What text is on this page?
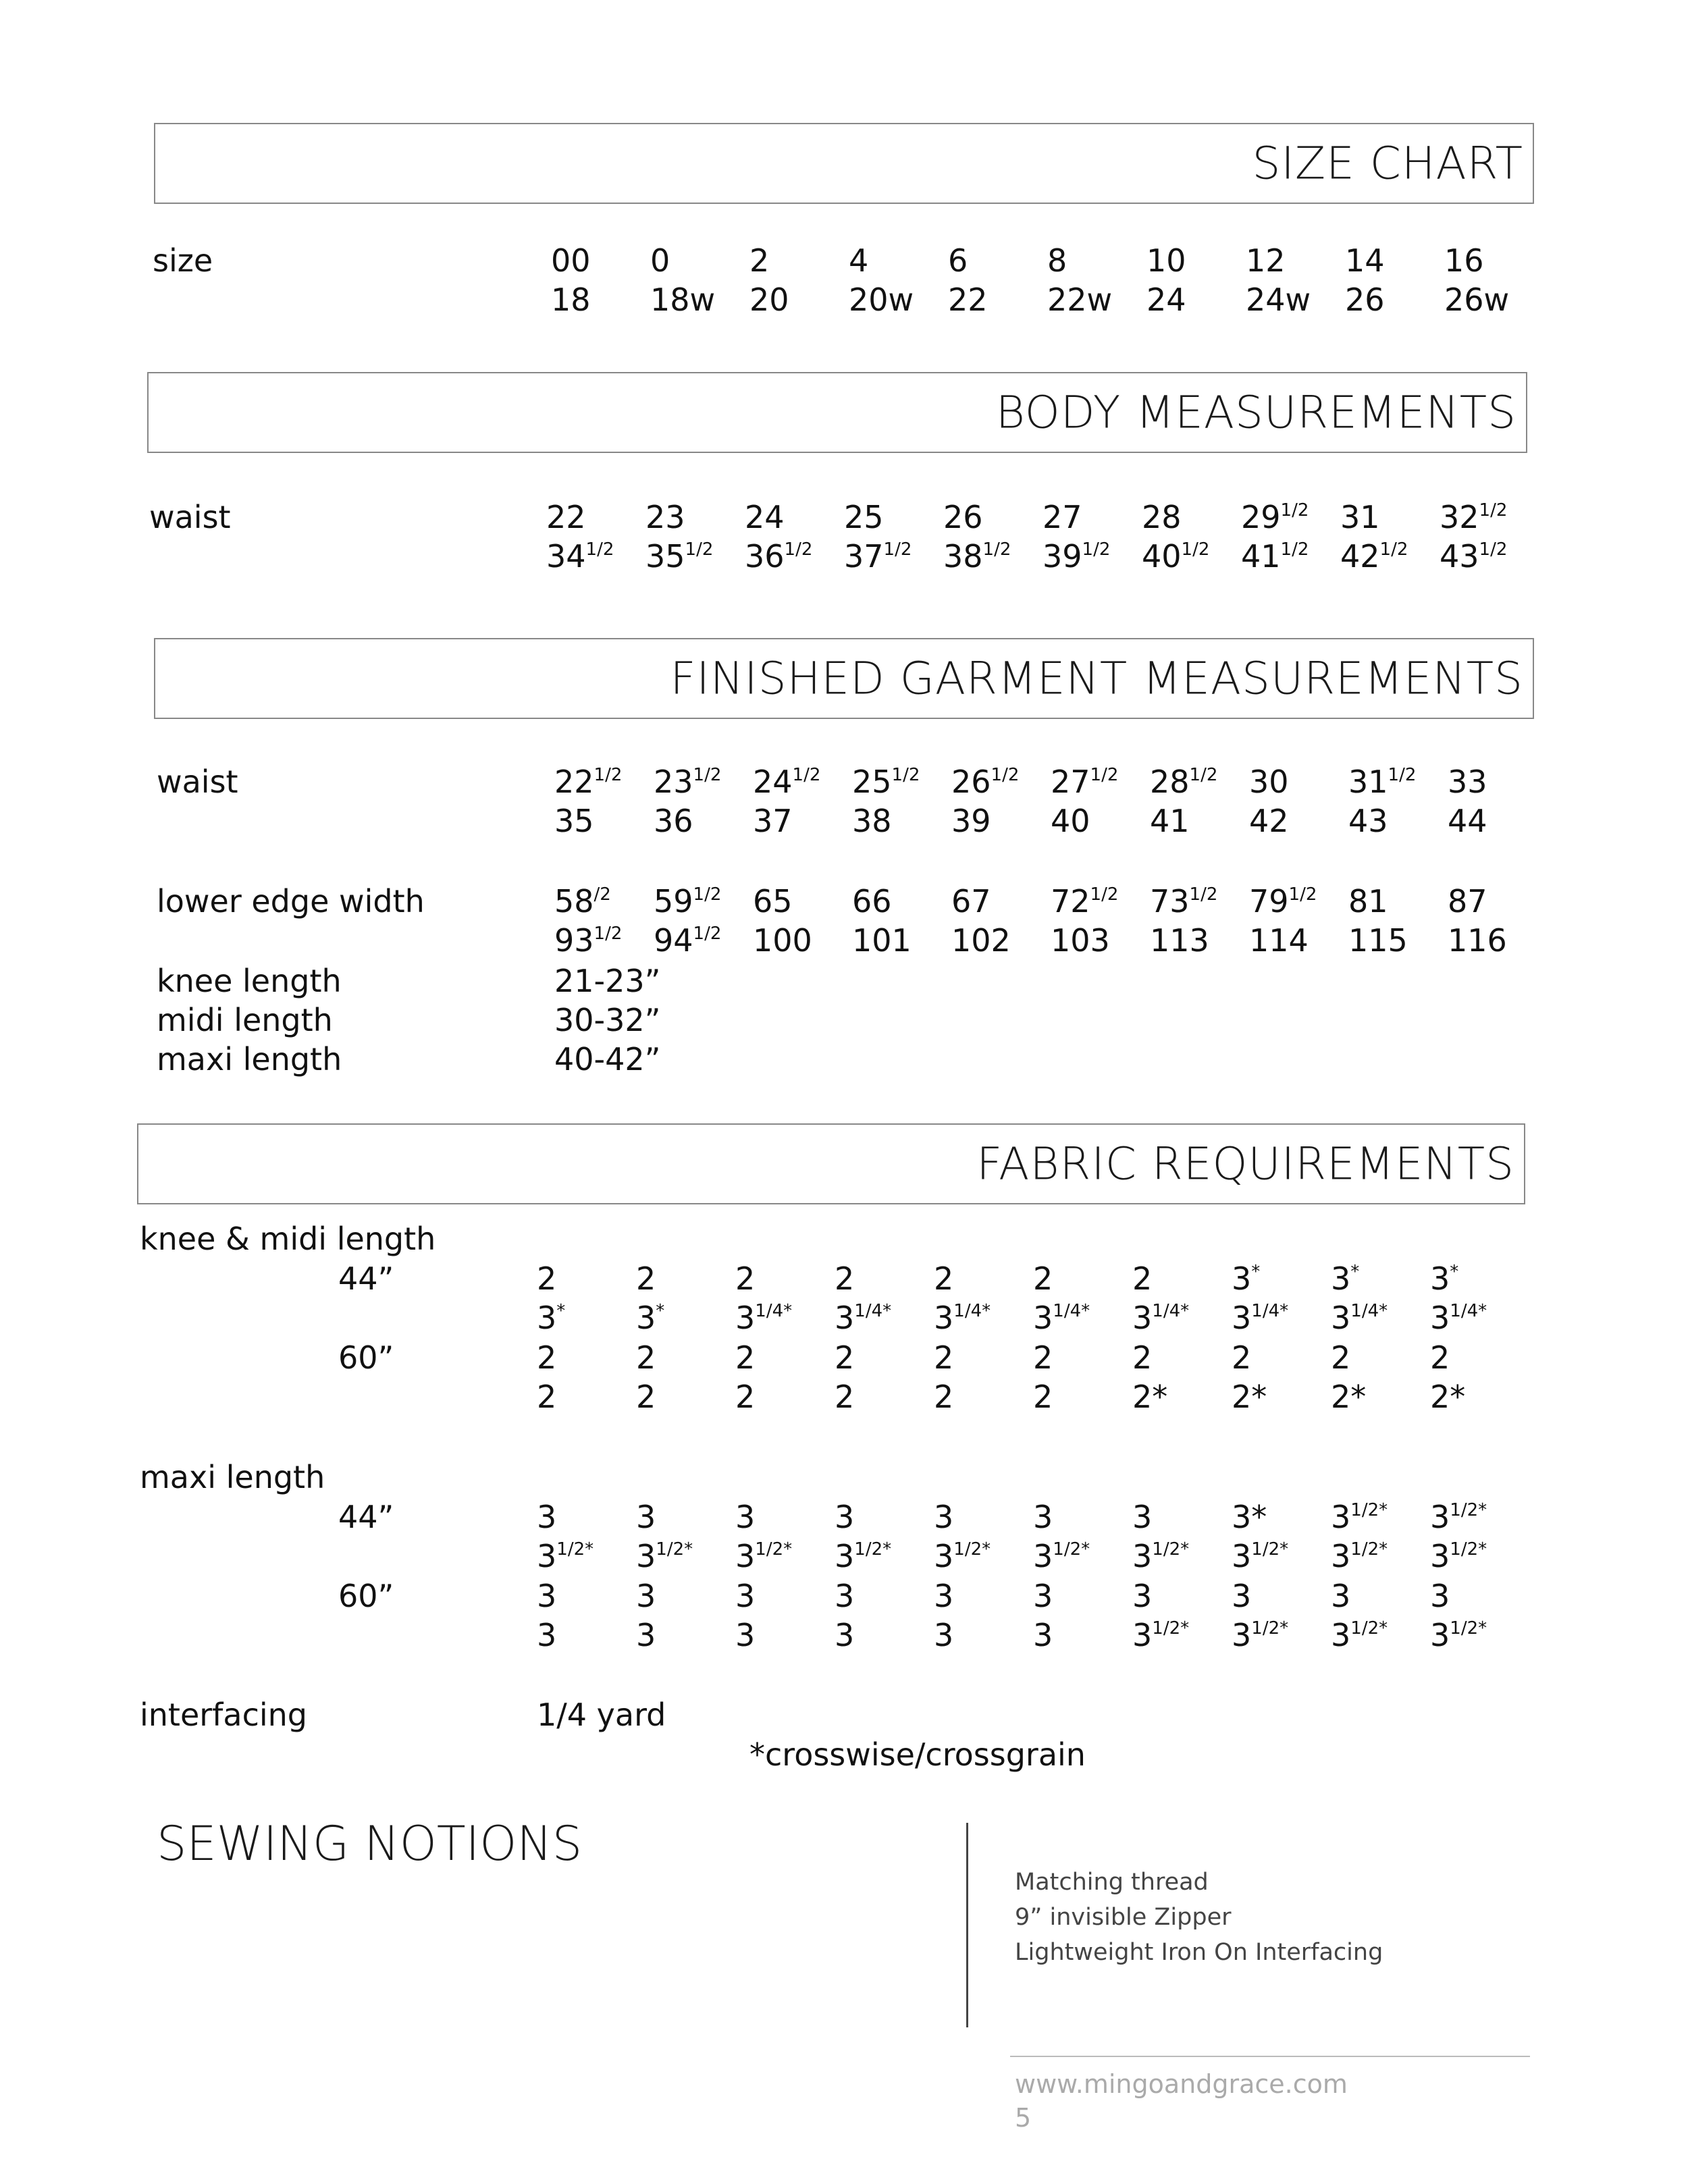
SIZE CHART
size	00 0	2	4	6	8	10 12 14 16
18 18w 20 20w 22 22w 24 24w 26 26w
BODY MEASUREMENTS
waist	22 23 24 25 26 27 28 $29^{1/2}$ 31 $32^{1/2}$
$34^{1/2}$ $35^{1/2}$ $36^{1/2}$ $37^{1/2}$ $38^{1/2}$ $39^{1/2}$ $40^{1/2}$ $41^{1/2}$ $42^{1/2}$ $43^{1/2}$
FINISHED GARMENT MEASUREMENTS
waist	$22^{1/2}$ $23^{1/2}$ $24^{1/2}$ $25^{1/2}$ $26^{1/2}$ $27^{1/2}$ $28^{1/2}$ 30 $31^{1/2}$ 33
35 36 37 38 39 40 41 42 43 44
lower edge width	$58^{/2}$ $59^{1/2}$ 65 66 67 $72^{1/2}$ $73^{1/2}$ $79^{1/2}$ 81 87
$93^{1/2}$ $94^{1/2}$ 100 101 102 103 113 114 115 116
knee length	21-23”
midi length	30-32”
maxi length	40-42”
FABRIC REQUIREMENTS
knee & midi length
44”	2	2	2	2	2	2	2	3* 3* 3*
3* 3* $3^{1/4*}$ $3^{1/4*}$ $3^{1/4*}$ $3^{1/4*}$ $3^{1/4*}$ $3^{1/4*}$ $3^{1/4*}$ $3^{1/4*}$
60”	2	2	2	2	2	2	2	2	2	2
2	2	2	2	2	2	2* 2* 2* 2*
maxi length
44”	3	3	3	3	3	3	3	3* $3^{1/2*}$ $3^{1/2*}$
$3^{1/2*}$ $3^{1/2*}$ $3^{1/2*}$ $3^{1/2*}$ $3^{1/2*}$ $3^{1/2*}$ $3^{1/2*}$ $3^{1/2*}$ $3^{1/2*}$ $3^{1/2*}$
60”	3	3	3	3	3	3	3	3	3	3
3	3	3	3	3	3	$3^{1/2*}$ $3^{1/2*}$ $3^{1/2*}$ $3^{1/2*}$
interfacing	1/4 yard
*crosswise/crossgrain
SEWING NOTIONS
Matching thread
9” invisible Zipper
Lightweight Iron On Interfacing
www.mingoandgrace.com
5
